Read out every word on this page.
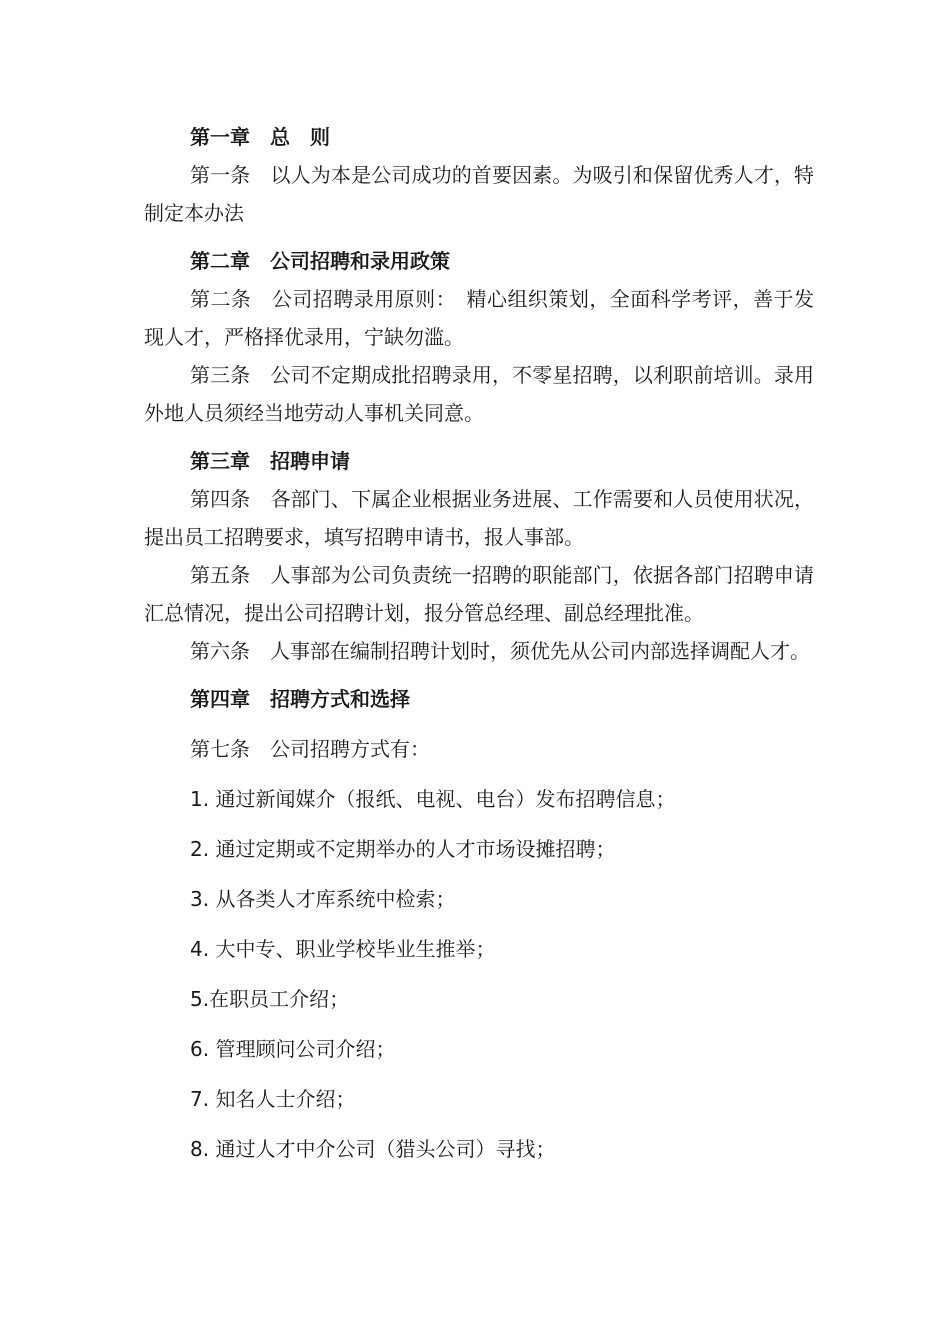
第一章　总　则

第一条　以人为本是公司成功的首要因素。为吸引和保留优秀人才，特制定本办法

第二章　公司招聘和录用政策

第二条　公司招聘录用原则：　精心组织策划，全面科学考评，善于发现人才，严格择优录用，宁缺勿滥。

第三条　公司不定期成批招聘录用，不零星招聘，以利职前培训。录用外地人员须经当地劳动人事机关同意。

第三章　招聘申请

第四条　各部门、下属企业根据业务进展、工作需要和人员使用状况，提出员工招聘要求，填写招聘申请书，报人事部。

第五条　人事部为公司负责统一招聘的职能部门，依据各部门招聘申请汇总情况，提出公司招聘计划，报分管总经理、副总经理批准。

第六条　人事部在编制招聘计划时，须优先从公司内部选择调配人才。

第四章　招聘方式和选择

第七条　公司招聘方式有：

1. 通过新闻媒介（报纸、电视、电台）发布招聘信息；

2. 通过定期或不定期举办的人才市场设摊招聘；

3. 从各类人才库系统中检索；

4. 大中专、职业学校毕业生推举；

5.在职员工介绍；

6. 管理顾问公司介绍；

7. 知名人士介绍；

8. 通过人才中介公司（猎头公司）寻找；
